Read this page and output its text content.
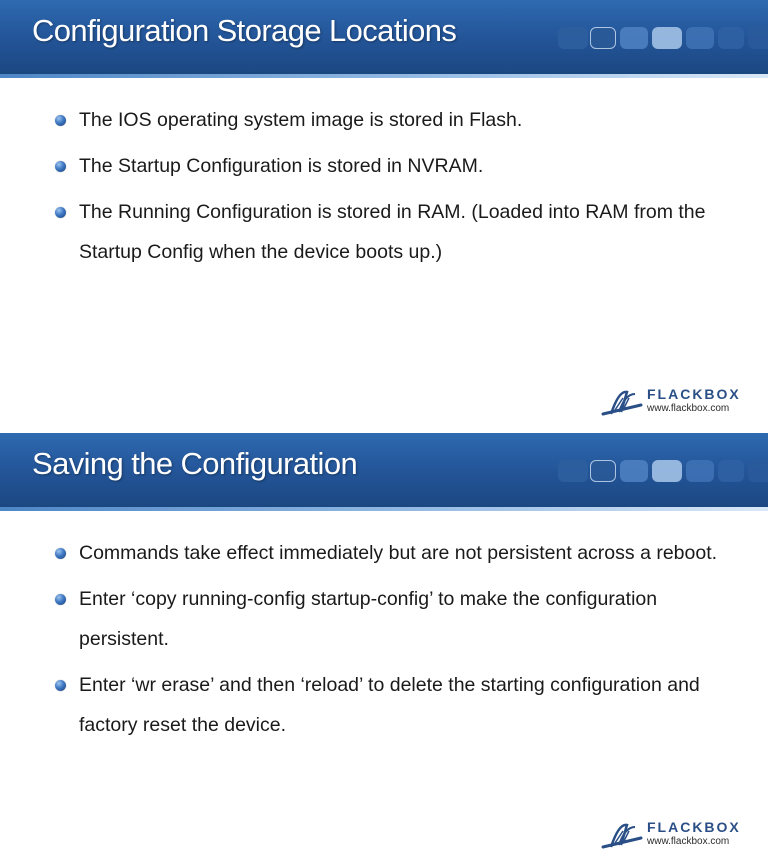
Configuration Storage Locations
The IOS operating system image is stored in Flash.
The Startup Configuration is stored in NVRAM.
The Running Configuration is stored in RAM. (Loaded into RAM from the Startup Config when the device boots up.)
FLACKBOX
www.flackbox.com
Saving the Configuration
Commands take effect immediately but are not persistent across a reboot.
Enter ‘copy running-config startup-config’ to make the configuration persistent.
Enter ‘wr erase’ and then ‘reload’ to delete the starting configuration and factory reset the device.
FLACKBOX
www.flackbox.com
